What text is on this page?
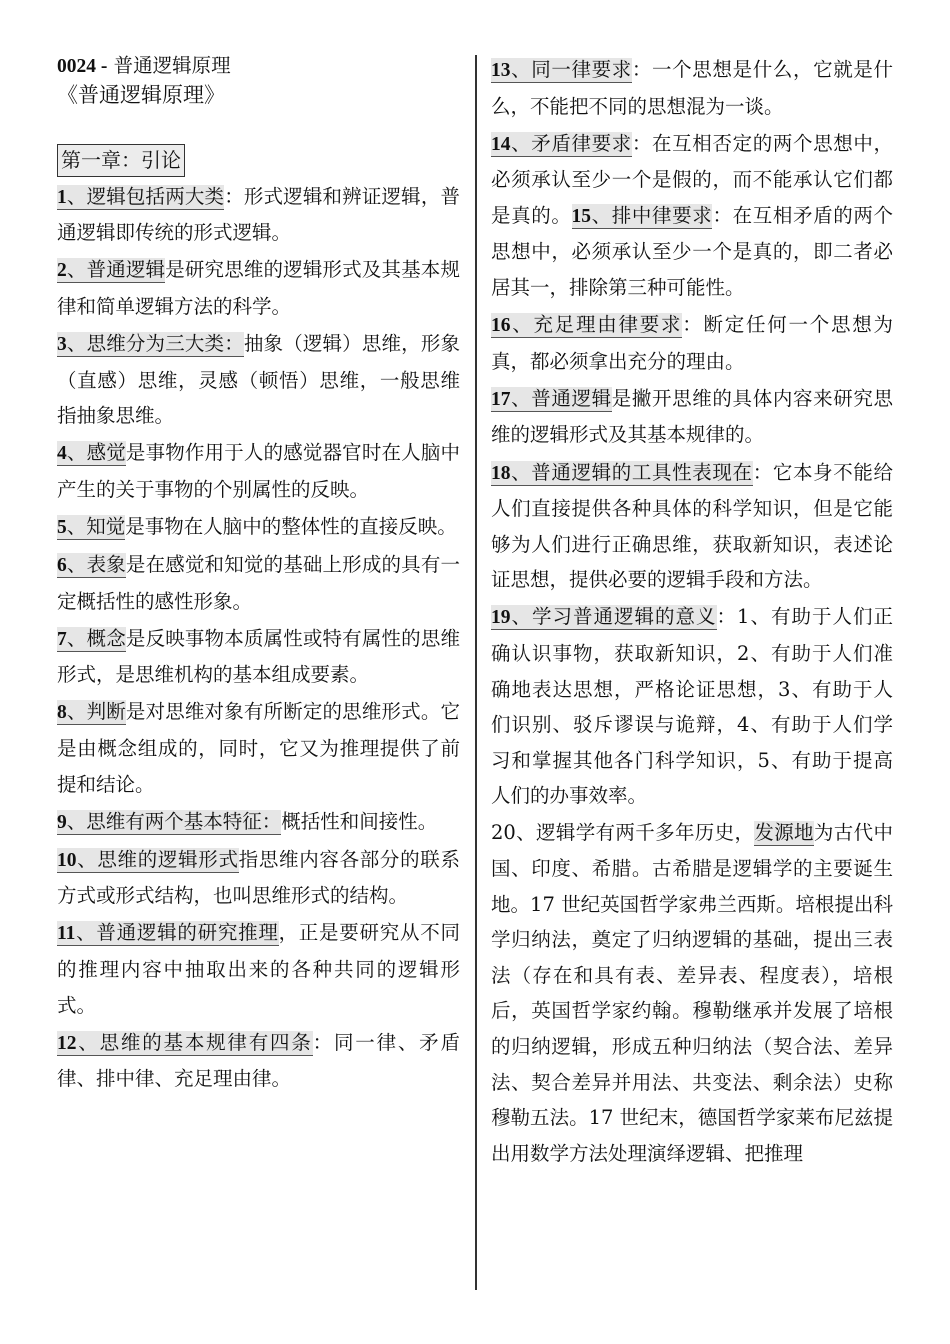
0024 - 普通逻辑原理
《普通逻辑原理》
第一章：引论

1、逻辑包括两大类：形式逻辑和辨证逻辑，普通逻辑即传统的形式逻辑。

2、普通逻辑是研究思维的逻辑形式及其基本规律和简单逻辑方法的科学。

3、思维分为三大类：抽象（逻辑）思维，形象（直感）思维，灵感（顿悟）思维，一般思维指抽象思维。

4、感觉是事物作用于人的感觉器官时在人脑中产生的关于事物的个别属性的反映。

5、知觉是事物在人脑中的整体性的直接反映。

6、表象是在感觉和知觉的基础上形成的具有一定概括性的感性形象。

7、概念是反映事物本质属性或特有属性的思维形式，是思维机构的基本组成要素。

8、判断是对思维对象有所断定的思维形式。它是由概念组成的，同时，它又为推理提供了前提和结论。

9、思维有两个基本特征：概括性和间接性。

10、思维的逻辑形式指思维内容各部分的联系方式或形式结构，也叫思维形式的结构。

11、普通逻辑的研究推理，正是要研究从不同的推理内容中抽取出来的各种共同的逻辑形式。

12、思维的基本规律有四条：同一律、矛盾律、排中律、充足理由律。

13、同一律要求：一个思想是什么，它就是什么，不能把不同的思想混为一谈。

14、矛盾律要求：在互相否定的两个思想中，必须承认至少一个是假的，而不能承认它们都是真的。15、排中律要求：在互相矛盾的两个思想中，必须承认至少一个是真的，即二者必居其一，排除第三种可能性。

16、充足理由律要求：断定任何一个思想为真，都必须拿出充分的理由。

17、普通逻辑是撇开思维的具体内容来研究思维的逻辑形式及其基本规律的。

18、普通逻辑的工具性表现在：它本身不能给人们直接提供各种具体的科学知识，但是它能够为人们进行正确思维，获取新知识，表述论证思想，提供必要的逻辑手段和方法。

19、学习普通逻辑的意义：1、有助于人们正确认识事物，获取新知识，2、有助于人们准确地表达思想，严格论证思想，3、有助于人们识别、驳斥谬误与诡辩，4、有助于人们学习和掌握其他各门科学知识，5、有助于提高人们的办事效率。

20、逻辑学有两千多年历史，发源地为古代中国、印度、希腊。古希腊是逻辑学的主要诞生地。17 世纪英国哲学家弗兰西斯。培根提出科学归纳法，奠定了归纳逻辑的基础，提出三表法（存在和具有表、差异表、程度表），培根后，英国哲学家约翰。穆勒继承并发展了培根的归纳逻辑，形成五种归纳法（契合法、差异法、契合差异并用法、共变法、剩余法）史称穆勒五法。17 世纪末，德国哲学家莱布尼兹提出用数学方法处理演绎逻辑、把推理
